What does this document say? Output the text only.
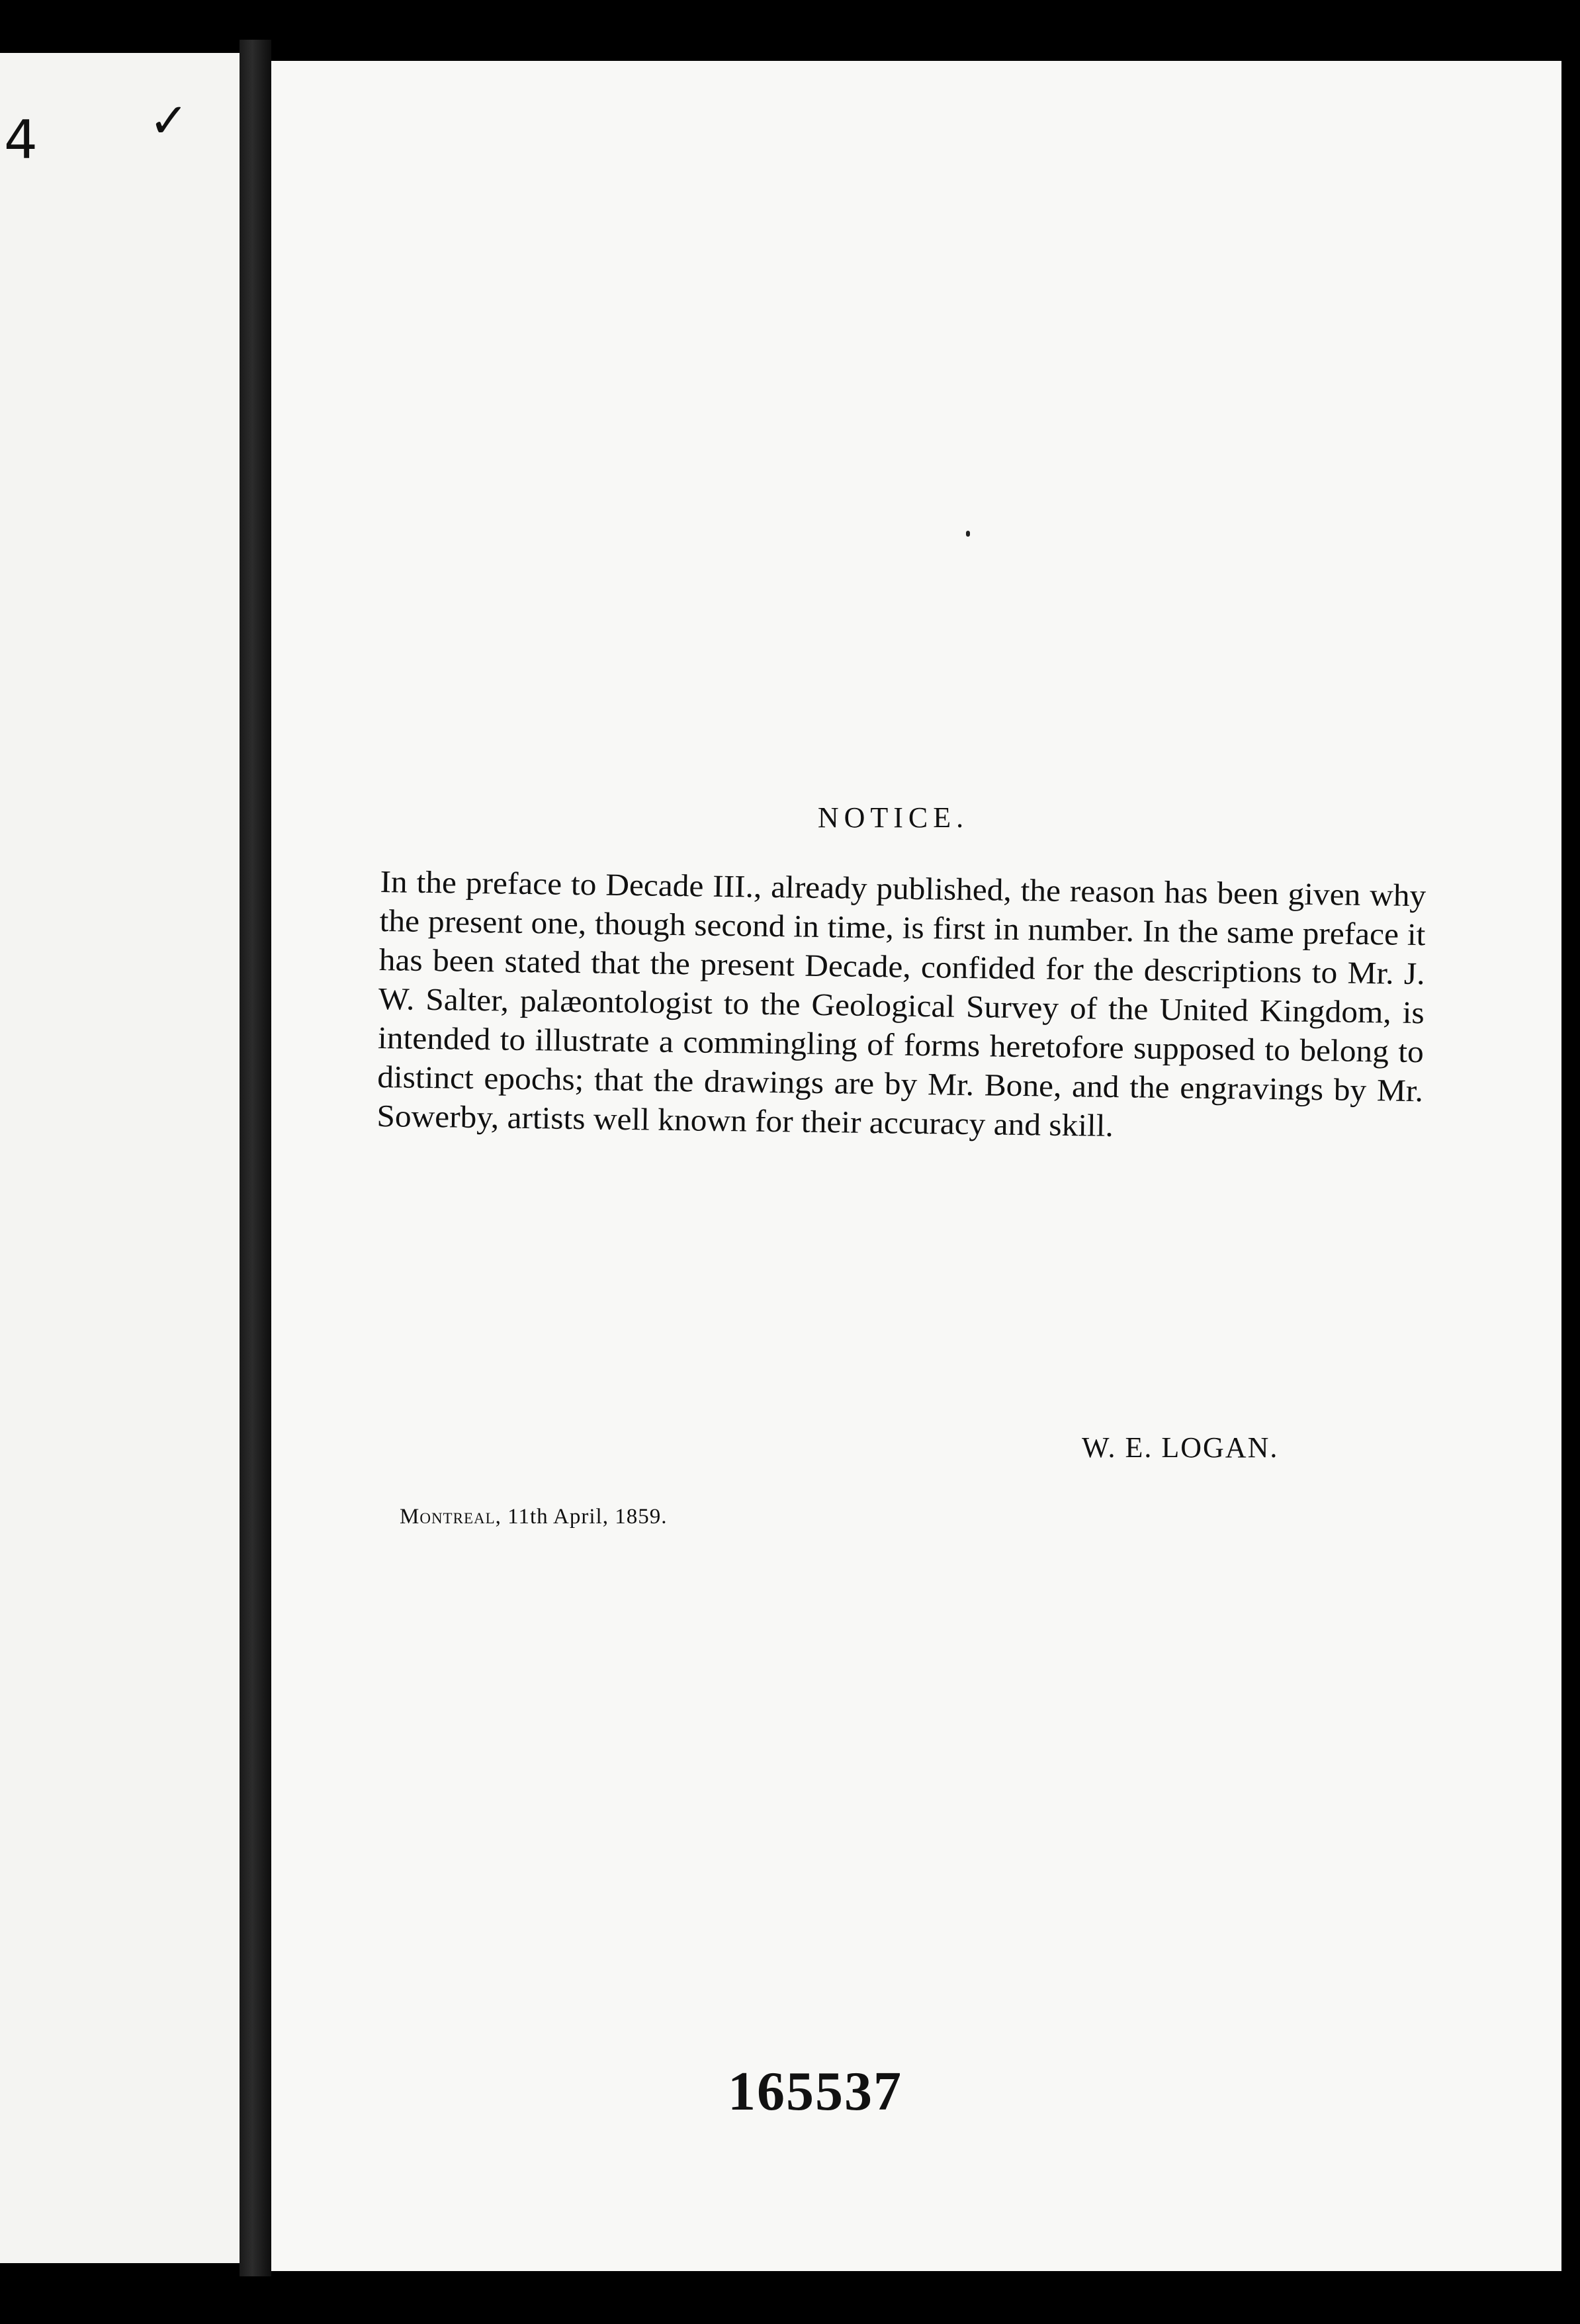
4 ✓
NOTICE.
In the preface to Decade III., already published, the reason has been given why the present one, though second in time, is first in number. In the same preface it has been stated that the present Decade, confided for the descriptions to Mr. J. W. Salter, palæontologist to the Geological Survey of the United Kingdom, is intended to illustrate a commingling of forms heretofore supposed to belong to distinct epochs; that the drawings are by Mr. Bone, and the engravings by Mr. Sowerby, artists well known for their accuracy and skill.
W. E. LOGAN.
Montreal, 11th April, 1859.
165537
